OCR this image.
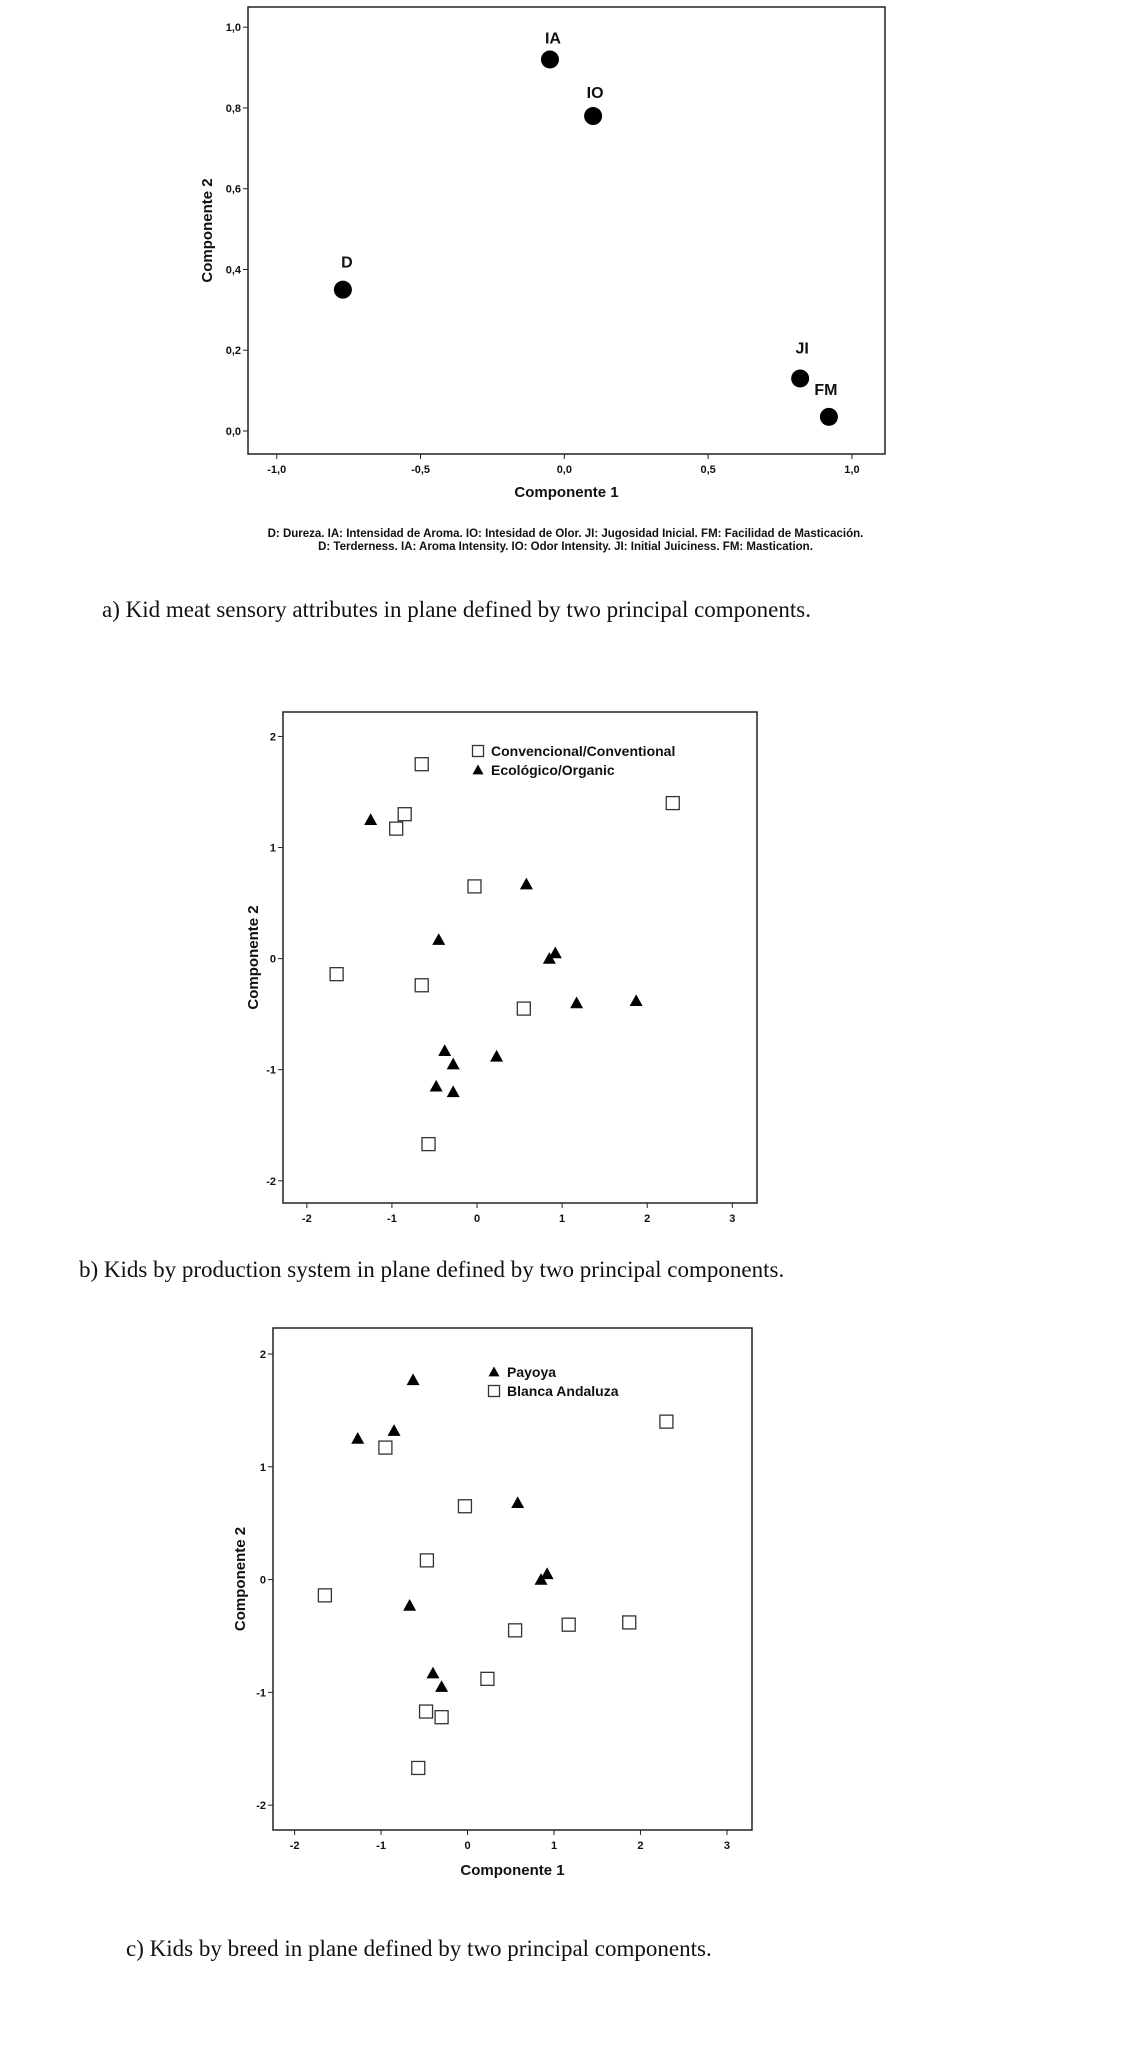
-1,0	-0,5	0,0	0,5	1,0
0,0
0,2
0,4
0,6
0,8
1,0
Componente 1
Componente 2
IA
IO
D
JI
FM
-2	-1	0	1	2	3
-2
-1
0
1
2
Componente 2
Convencional/Conventional
Ecológico/Organic
-2	-1	0	1	2	3
-2
-1
0
1
2
Componente 1
Componente 2
Payoya
Blanca Andaluza
D: Dureza. IA: Intensidad de Aroma. IO: Intesidad de Olor. JI: Jugosidad Inicial. FM: Facilidad de Masticación.
D: Terderness. IA: Aroma Intensity. IO: Odor Intensity. JI: Initial Juiciness. FM: Mastication.
a) Kid meat sensory attributes in plane defined by two principal components.
b) Kids by production system in plane defined by two principal components.
c) Kids by breed in plane defined by two principal components.
